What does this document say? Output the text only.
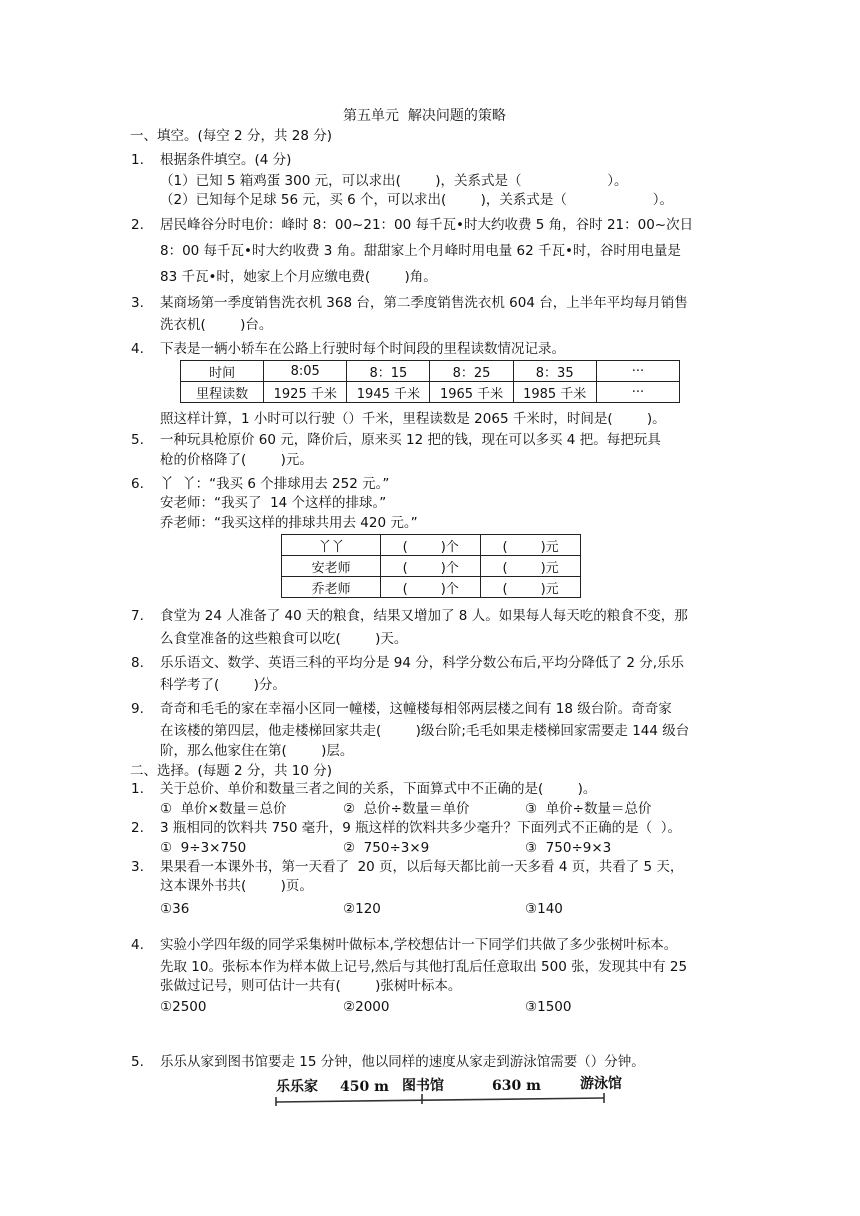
第五单元  解决问题的策略
一、填空。(每空 2 分，共 28 分)
1. 根据条件填空。(4 分)
（1）已知 5 箱鸡蛋 300 元，可以求出(        )，关系式是（                    ）。
（2）已知每个足球 56 元，买 6 个，可以求出(        )，关系式是（                    ）。
2. 居民峰谷分时电价：峰时 8：00~21：00 每千瓦•时大约收费 5 角，谷时 21：00~次日
8：00 每千瓦•时大约收费 3 角。甜甜家上个月峰时用电量 62 千瓦•时，谷时用电量是
83 千瓦•时，她家上个月应缴电费(        )角。
3. 某商场第一季度销售洗衣机 368 台，第二季度销售洗衣机 604 台，上半年平均每月销售
洗衣机(        )台。
4. 下表是一辆小轿车在公路上行驶时每个时间段的里程读数情况记录。
时间	8:05	8：15	8：25	8：35	···
里程读数	1925 千米	1945 千米	1965 千米	1985 千米	···
照这样计算，1 小时可以行驶（）千米，里程读数是 2065 千米时，时间是(        )。
5. 一种玩具枪原价 60 元，降价后，原来买 12 把的钱，现在可以多买 4 把。每把玩具
枪的价格降了(        )元。
6. 丫  丫：“我买 6 个排球用去 252 元。”
安老师：“我买了  14 个这样的排球。”
乔老师：“我买这样的排球共用去 420 元。”
丫丫	(        )个	(        )元
安老师	(        )个	(        )元
乔老师	(        )个	(        )元
7. 食堂为 24 人准备了 40 天的粮食，结果又增加了 8 人。如果每人每天吃的粮食不变，那
么食堂准备的这些粮食可以吃(        )天。
8. 乐乐语文、数学、英语三科的平均分是 94 分，科学分数公布后,平均分降低了 2 分,乐乐
科学考了(        )分。
9. 奇奇和毛毛的家在幸福小区同一幢楼，这幢楼每相邻两层楼之间有 18 级台阶。奇奇家
在该楼的第四层，他走楼梯回家共走(        )级台阶;毛毛如果走楼梯回家需要走 144 级台
阶，那么他家住在第(        )层。
二、选择。(每题 2 分，共 10 分)
1. 关于总价、单价和数量三者之间的关系，下面算式中不正确的是(        )。
①  单价×数量＝总价	②  总价÷数量＝单价	③  单价÷数量＝总价
2. 3 瓶相同的饮料共 750 毫升，9 瓶这样的饮料共多少毫升？下面列式不正确的是（  ）。
①  9÷3×750	②  750÷3×9	③  750÷9×3
3. 果果看一本课外书，第一天看了  20 页，以后每天都比前一天多看 4 页，共看了 5 天，
这本课外书共(        )页。
①36	②120	③140
4. 实验小学四年级的同学采集树叶做标本,学校想估计一下同学们共做了多少张树叶标本。
先取 10。张标本作为样本做上记号,然后与其他打乱后任意取出 500 张，发现其中有 25
张做过记号，则可估计一共有(        )张树叶标本。
①2500	②2000	③1500
5. 乐乐从家到图书馆要走 15 分钟，他以同样的速度从家走到游泳馆需要（）分钟。
乐乐家 450 m 图书馆	630 m	游泳馆
